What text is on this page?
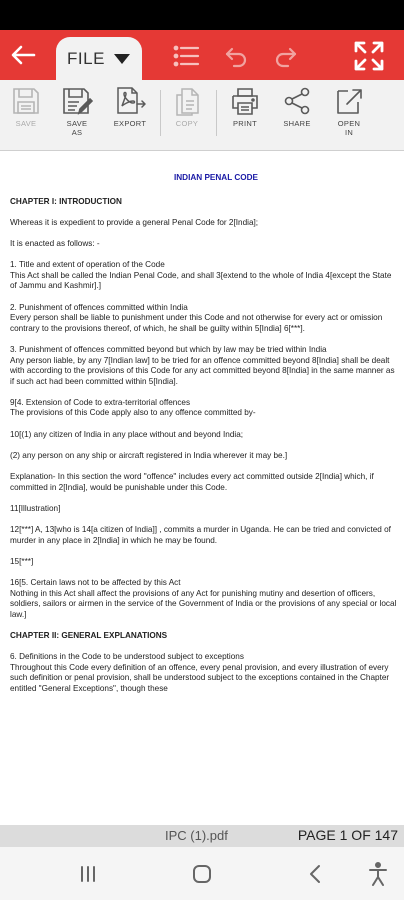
FILE
SAVE	SAVE
AS
EXPORT	COPY	PRINT	SHARE	OPEN
IN
INDIAN PENAL CODE
CHAPTER I: INTRODUCTION
Whereas it is expedient to provide a general Penal Code for 2[India];
It is enacted as follows: -
1. Title and extent of operation of the Code
This Act shall be called the Indian Penal Code, and shall 3[extend to the whole of India 4[except the State of Jammu and Kashmir].]
2. Punishment of offences committed within India
Every person shall be liable to punishment under this Code and not otherwise for every act or omission contrary to the provisions thereof, of which, he shall be guilty within 5[India] 6[***].
3. Punishment of offences committed beyond but which by law may be tried within India
Any person liable, by any 7[Indian law] to be tried for an offence committed beyond 8[India] shall be dealt with according to the provisions of this Code for any act committed beyond 8[India] in the same manner as if such act had been committed within 5[India].
9[4. Extension of Code to extra-territorial offences
The provisions of this Code apply also to any offence committed by-
10[(1) any citizen of India in any place without and beyond India;
(2) any person on any ship or aircraft registered in India wherever it may be.]
Explanation- In this section the word "offence" includes every act committed outside 2[India] which, if committed in 2[India], would be punishable under this Code.
11[Illustration]
12[***] A, 13[who is 14[a citizen of India]] , commits a murder in Uganda. He can be tried and convicted of murder in any place in 2[India] in which he may be found.
15[***]
16[5. Certain laws not to be affected by this Act
Nothing in this Act shall affect the provisions of any Act for punishing mutiny and desertion of officers, soldiers, sailors or airmen in the service of the Government of India or the provisions of any special or local law.]
CHAPTER II: GENERAL EXPLANATIONS
6. Definitions in the Code to be understood subject to exceptions
Throughout this Code every definition of an offence, every penal provision, and every illustration of every such definition or penal provision, shall be understood subject to the exceptions contained in the Chapter entitled "General Exceptions", though these
IPC (1).pdf	PAGE 1 OF 147
